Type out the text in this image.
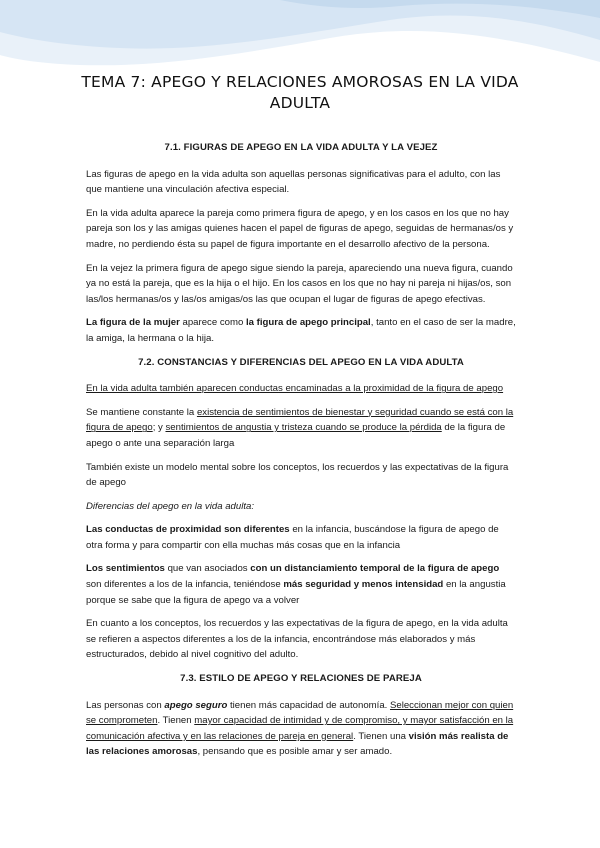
TEMA 7: APEGO Y RELACIONES AMOROSAS EN LA VIDA ADULTA
7.1. FIGURAS DE APEGO EN LA VIDA ADULTA Y LA VEJEZ

Las figuras de apego en la vida adulta son aquellas personas significativas para el adulto, con las que mantiene una vinculación afectiva especial.

En la vida adulta aparece la pareja como primera figura de apego, y en los casos en los que no hay pareja son los y las amigas quienes hacen el papel de figuras de apego, seguidas de hermanas/os y madre, no perdiendo ésta su papel de figura importante en el desarrollo afectivo de la persona.

En la vejez la primera figura de apego sigue siendo la pareja, apareciendo una nueva figura, cuando ya no está la pareja, que es la hija o el hijo. En los casos en los que no hay ni pareja ni hijas/os, son las/los hermanas/os y las/os amigas/os las que ocupan el lugar de figuras de apego efectivas.

La figura de la mujer aparece como la figura de apego principal, tanto en el caso de ser la madre, la amiga, la hermana o la hija.

7.2. CONSTANCIAS Y DIFERENCIAS DEL APEGO EN LA VIDA ADULTA

En la vida adulta también aparecen conductas encaminadas a la proximidad de la figura de apego

Se mantiene constante la existencia de sentimientos de bienestar y seguridad cuando se está con la figura de apego; y sentimientos de angustia y tristeza cuando se produce la pérdida de la figura de apego o ante una separación larga

También existe un modelo mental sobre los conceptos, los recuerdos y las expectativas de la figura de apego

Diferencias del apego en la vida adulta:

Las conductas de proximidad son diferentes en la infancia, buscándose la figura de apego de otra forma y para compartir con ella muchas más cosas que en la infancia

Los sentimientos que van asociados con un distanciamiento temporal de la figura de apego son diferentes a los de la infancia, teniéndose más seguridad y menos intensidad en la angustia porque se sabe que la figura de apego va a volver

En cuanto a los conceptos, los recuerdos y las expectativas de la figura de apego, en la vida adulta se refieren a aspectos diferentes a los de la infancia, encontrándose más elaborados y más estructurados, debido al nivel cognitivo del adulto.

7.3. ESTILO DE APEGO Y RELACIONES DE PAREJA

Las personas con apego seguro tienen más capacidad de autonomía. Seleccionan mejor con quien se comprometen. Tienen mayor capacidad de intimidad y de compromiso, y mayor satisfacción en la comunicación afectiva y en las relaciones de pareja en general. Tienen una visión más realista de las relaciones amorosas, pensando que es posible amar y ser amado.
